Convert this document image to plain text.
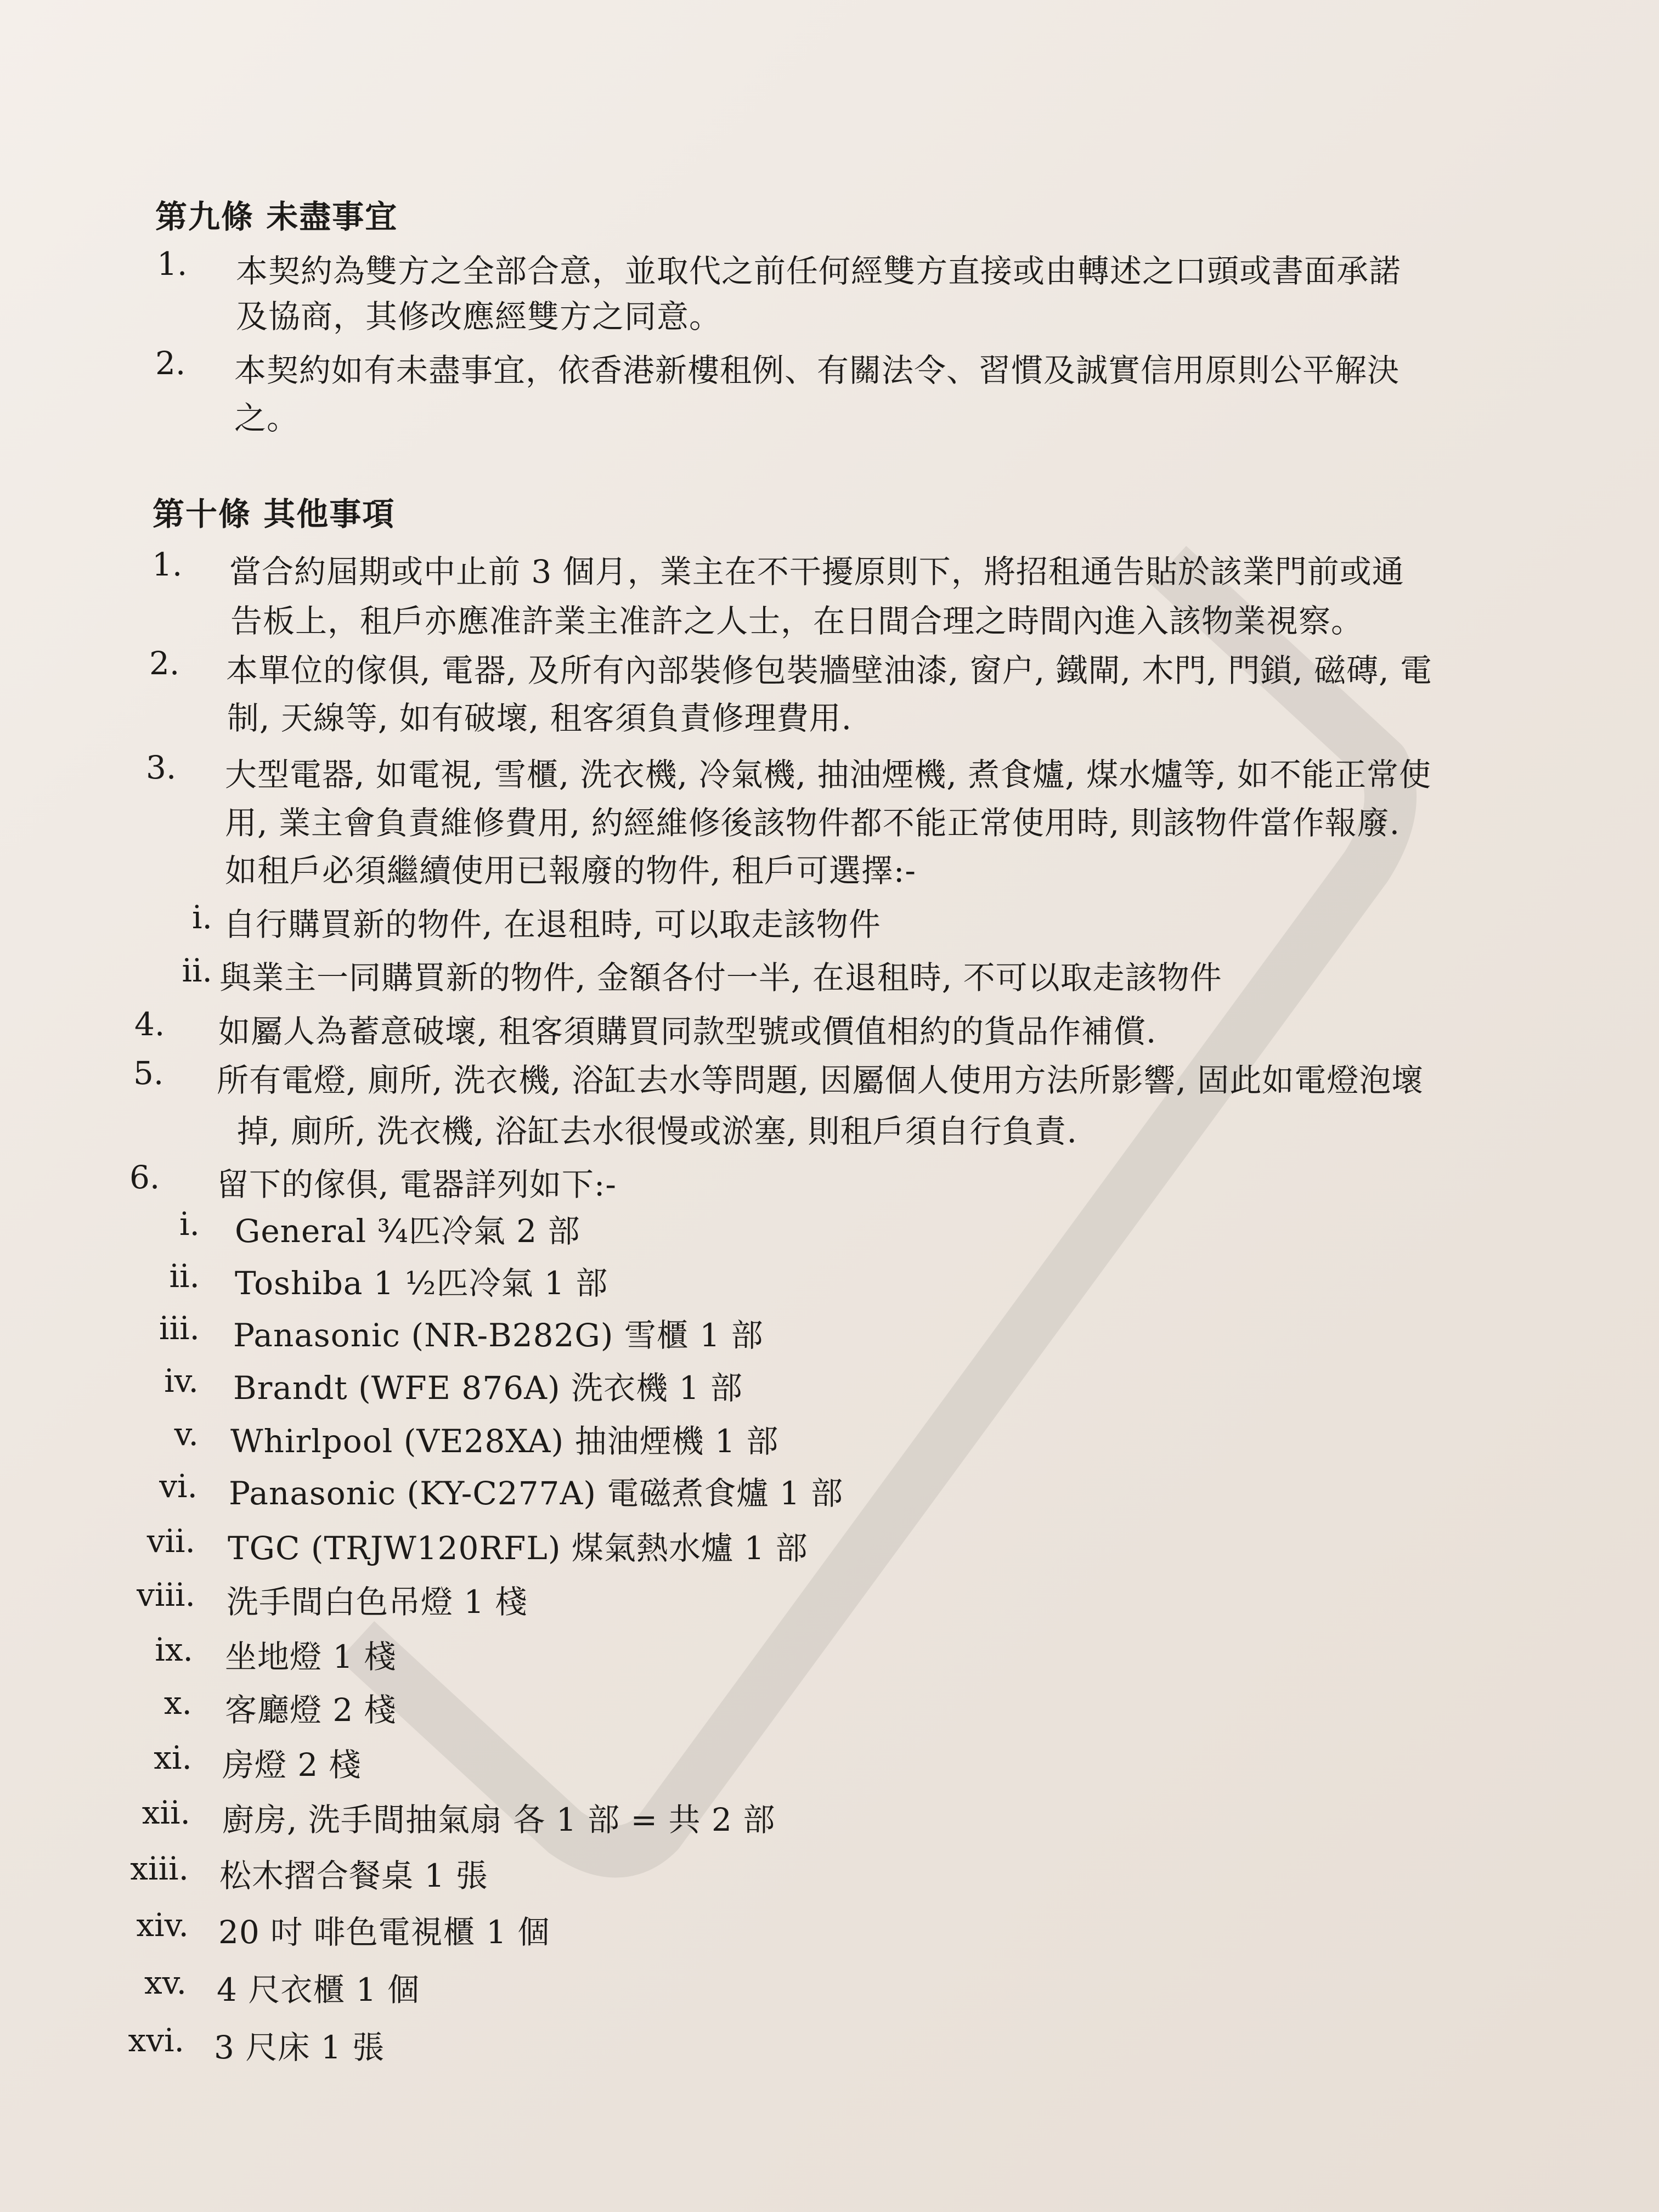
第九條 未盡事宜
1. 本契約為雙方之全部合意，並取代之前任何經雙方直接或由轉述之口頭或書面承諾
及協商，其修改應經雙方之同意。
2. 本契約如有未盡事宜，依香港新樓租例、有關法令、習慣及誠實信用原則公平解決
之。
第十條 其他事項
1. 當合約屆期或中止前 3 個月，業主在不干擾原則下，將招租通告貼於該業門前或通
告板上，租戶亦應准許業主准許之人士，在日間合理之時間內進入該物業視察。
2. 本單位的傢俱, 電器, 及所有內部裝修包裝牆壁油漆, 窗户, 鐵閘, 木門, 門鎖, 磁磚, 電
制, 天線等, 如有破壞, 租客須負責修理費用.
3. 大型電器, 如電視, 雪櫃, 洗衣機, 冷氣機, 抽油煙機, 煮食爐, 煤水爐等, 如不能正常使
用, 業主會負責維修費用, 約經維修後該物件都不能正常使用時, 則該物件當作報廢.
如租戶必須繼續使用已報廢的物件, 租戶可選擇:-
i. 自行購買新的物件, 在退租時, 可以取走該物件
ii. 與業主一同購買新的物件, 金額各付一半, 在退租時, 不可以取走該物件
4. 如屬人為蓄意破壞, 租客須購買同款型號或價值相約的貨品作補償.
5. 所有電燈, 廁所, 洗衣機, 浴缸去水等問題, 因屬個人使用方法所影響, 固此如電燈泡壞
掉, 廁所, 洗衣機, 浴缸去水很慢或淤塞, 則租戶須自行負責.
6. 留下的傢俱, 電器詳列如下:-
i. General ¾匹冷氣 2 部
ii. Toshiba 1 ½匹冷氣 1 部
iii. Panasonic (NR-B282G) 雪櫃 1 部
iv. Brandt (WFE 876A) 洗衣機 1 部
v. Whirlpool (VE28XA) 抽油煙機 1 部
vi. Panasonic (KY-C277A) 電磁煮食爐 1 部
vii. TGC (TRJW120RFL) 煤氣熱水爐 1 部
viii. 洗手間白色吊燈 1 棧
ix. 坐地燈 1 棧
x. 客廳燈 2 棧
xi. 房燈 2 棧
xii. 廚房, 洗手間抽氣扇 各 1 部 = 共 2 部
xiii. 松木摺合餐桌 1 張
xiv. 20 吋 啡色電視櫃 1 個
xv. 4 尺衣櫃 1 個
xvi. 3 尺床 1 張
